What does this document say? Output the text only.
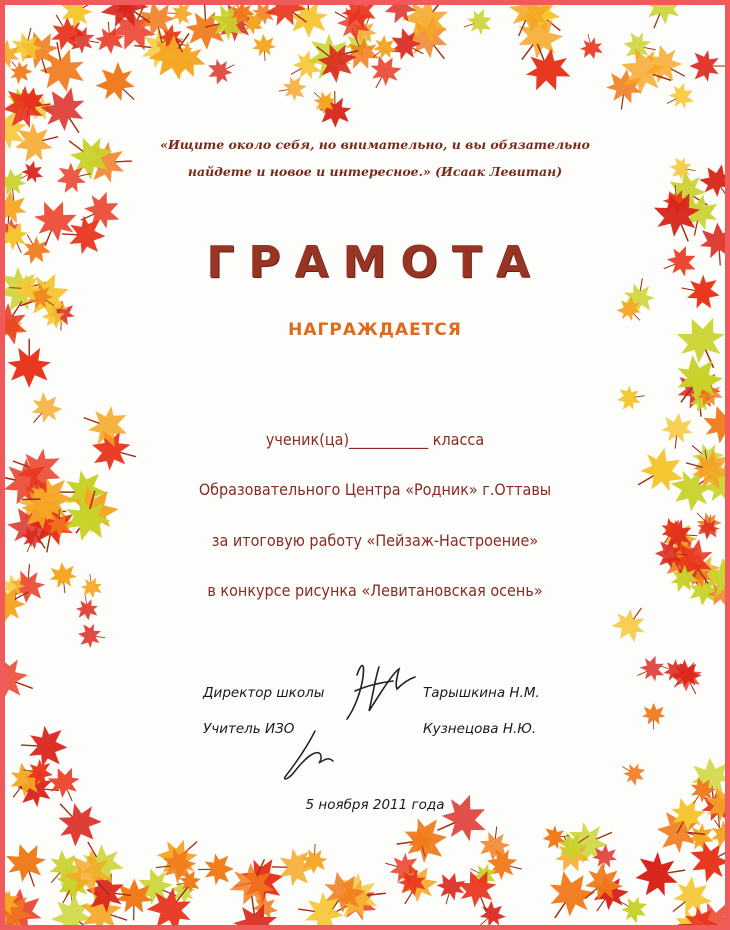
«Ищите около себя, но внимательно, и вы обязательно

найдете и новое и интересное.» (Исаак Левитан)
ГРАМОТА
НАГРАЖДАЕТСЯ
ученик(ца)___________ класса
Образовательного Центра «Родник» г.Оттавы
за итоговую работу «Пейзаж-Настроение»
в конкурсе рисунка «Левитановская осень»
Директор школы	Тарышкина Н.М.
Учитель ИЗО	Кузнецова Н.Ю.
5 ноября 2011 года
